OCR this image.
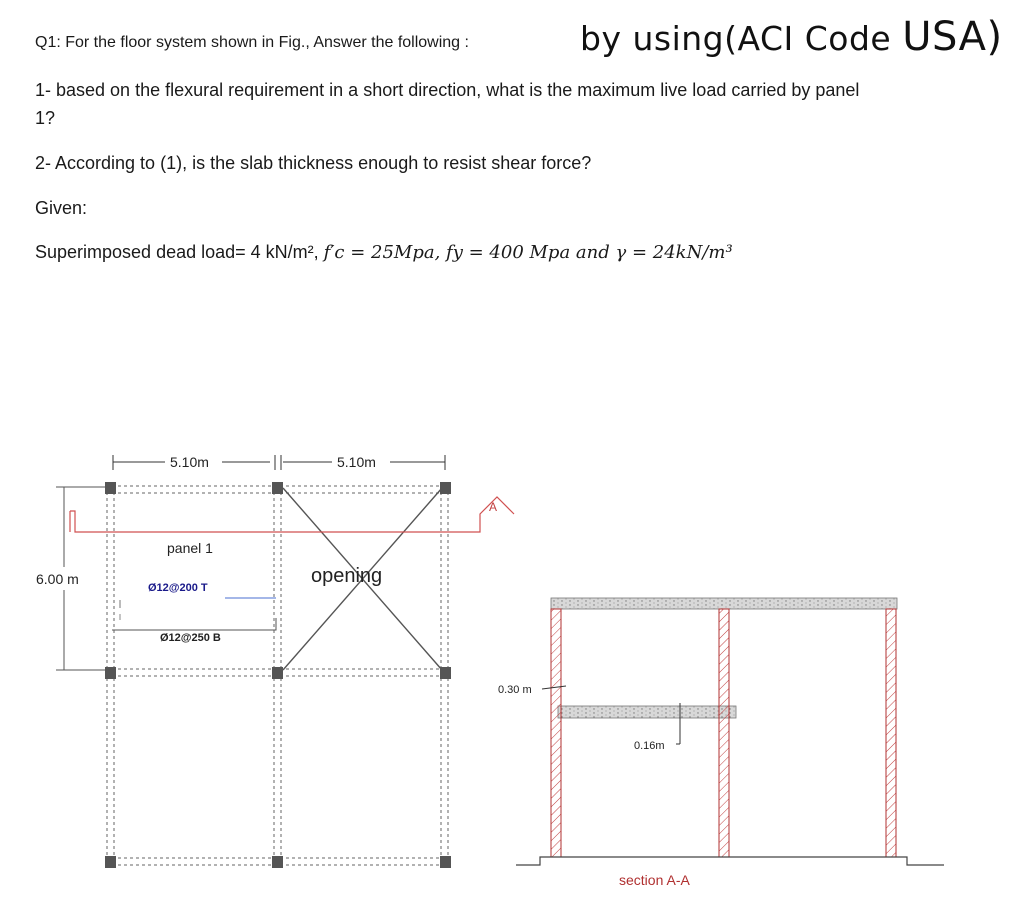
Q1: For the floor system shown in Fig., Answer the following :	by using(ACI Code USA)
1- based on the flexural requirement in a short direction, what is the maximum live load carried by panel
1?
2- According to (1), is the slab thickness enough to resist shear force?
Given:
Superimposed dead load= 4 kN/m², f′c = 25Mpa, fy = 400 Mpa and γ = 24kN/m³
5.10m	5.10m
6.00 m	opening
A
panel 1
Ø12@200 T
Ø12@250 B
0.30 m
0.16m
section A-A
